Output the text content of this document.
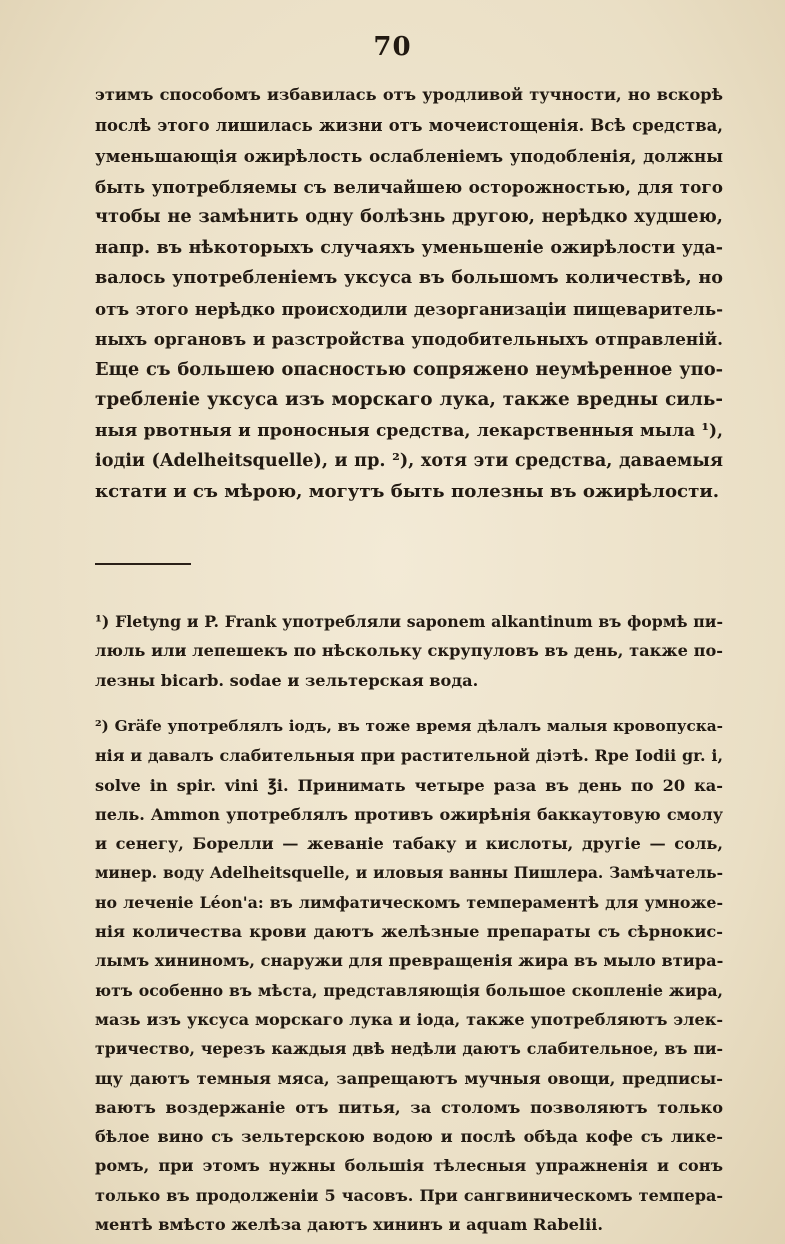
70
этимъ способомъ избавилась отъ уродливой тучности, но вскорѣ
послѣ этого лишилась жизни отъ мочеистощенія. Всѣ средства,
уменьшающія ожирѣлость ослабленіемъ уподобленія, должны
быть употребляемы съ величайшею осторожностью, для того
чтобы не замѣнить одну болѣзнь другою, нерѣдко худшею,
напр. въ нѣкоторыхъ случаяхъ уменьшеніе ожирѣлости уда-
валось употребленіемъ уксуса въ большомъ количествѣ, но
отъ этого нерѣдко происходили дезорганизаціи пищеваритель-
ныхъ органовъ и разстройства уподобительныхъ отправленій.
Еще съ большею опасностью сопряжено неумѣренное упо-
требленіе уксуса изъ морскаго лука, также вредны силь-
ныя рвотныя и проносныя средства, лекарственныя мыла ¹),
іодіи (Adelheitsquelle), и пр. ²), хотя эти средства, даваемыя
кстати и съ мѣрою, могутъ быть полезны въ ожирѣлости.
¹) Fletyng и P. Frank употребляли saponem alkantinum въ формѣ пи-
люль или лепешекъ по нѣскольку скрупуловъ въ день, также по-
лезны bicarb. sodae и зельтерская вода.
²) Gräfe употреблялъ іодъ, въ тоже время дѣлалъ малыя кровопуска-
нія и давалъ слабительныя при растительной діэтѣ. Rpe Iodii gr. i,
solve in spir. vini ℥i. Принимать четыре раза въ день по 20 ка-
пель. Ammon употреблялъ противъ ожирѣнія баккаутовую смолу
и сенегу, Борелли — жеваніе табаку и кислоты, другіе — соль,
минер. воду Adelheitsquelle, и иловыя ванны Пишлера. Замѣчатель-
но леченіе Léon'а: въ лимфатическомъ темпераментѣ для умноже-
нія количества крови даютъ желѣзные препараты съ сѣрнокис-
лымъ хининомъ, снаружи для превращенія жира въ мыло втира-
ютъ особенно въ мѣста, представляющія большое скопленіе жира,
мазь изъ уксуса морскаго лука и іода, также употребляютъ элек-
тричество, черезъ каждыя двѣ недѣли даютъ слабительное, въ пи-
щу даютъ темныя мяса, запрещаютъ мучныя овощи, предписы-
ваютъ воздержаніе отъ питья, за столомъ позволяютъ только
бѣлое вино съ зельтерскою водою и послѣ обѣда кофе съ лике-
ромъ, при этомъ нужны большія тѣлесныя упражненія и сонъ
только въ продолженіи 5 часовъ. При сангвиническомъ темпера-
ментѣ вмѣсто желѣза даютъ хининъ и aquam Rabelii.
